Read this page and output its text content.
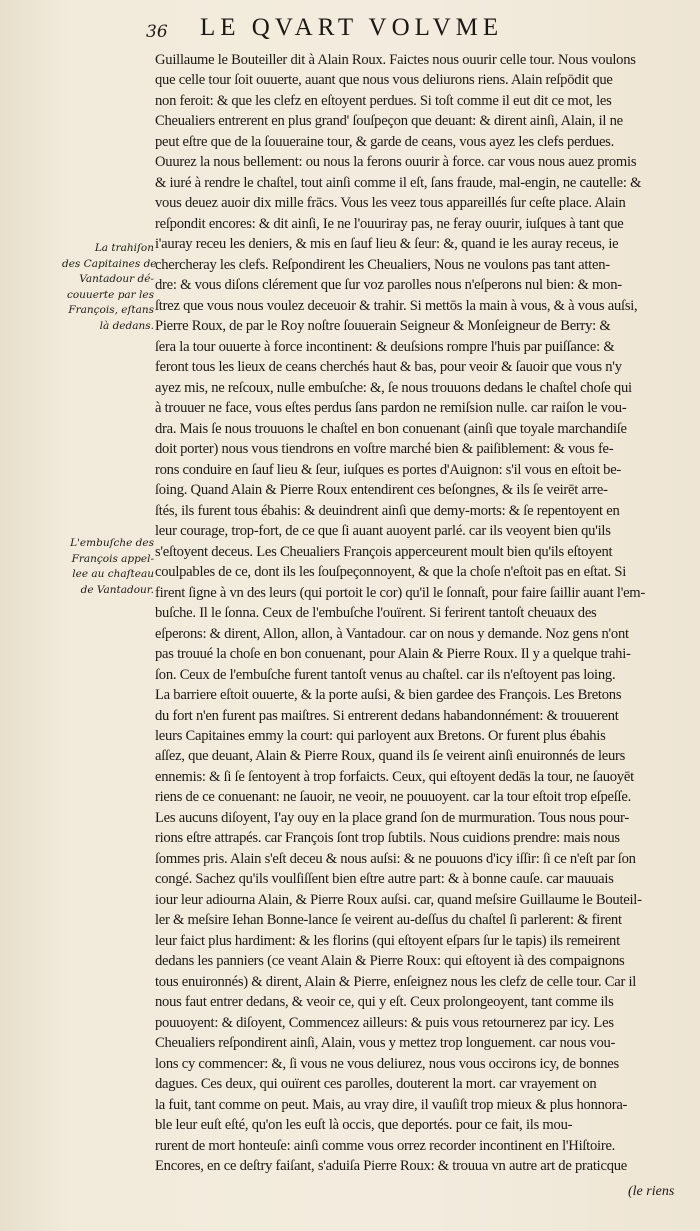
36 LE QVART VOLVME
La trahiſon
des Capitaines de
Vantadour dé-
couuerte par les
François, eſtans
là dedans.
L'embuſche des
François appel-
lee au chaſteau
de Vantadour.
Guillaume le Bouteiller dit à Alain Roux. Faictes nous ouurir celle tour. Nous voulons
que celle tour ſoit ouuerte, auant que nous vous deliurons riens. Alain reſpōdit que
non feroit: & que les clefz en eſtoyent perdues. Si toſt comme il eut dit ce mot, les
Cheualiers entrerent en plus grand' ſouſpeçon que deuant: & dirent ainſi, Alain, il ne
peut eſtre que de la ſouueraine tour, & garde de ceans, vous ayez les clefs perdues.
Ouurez la nous bellement: ou nous la ferons ouurir à force. car vous nous auez promis
& iuré à rendre le chaſtel, tout ainſi comme il eſt, ſans fraude, mal-engin, ne cautelle: &
vous deuez auoir dix mille frācs. Vous les veez tous appareillés ſur ceſte place. Alain
reſpondit encores: & dit ainſi, Ie ne l'ouuriray pas, ne feray ouurir, iuſques à tant que
i'auray receu les deniers, & mis en ſauf lieu & ſeur: &, quand ie les auray receus, ie
chercheray les clefs. Reſpondirent les Cheualiers, Nous ne voulons pas tant atten-
dre: & vous diſons clérement que ſur voz parolles nous n'eſperons nul bien: & mon-
ſtrez que vous nous voulez deceuoir & trahir. Si mettōs la main à vous, & à vous auſsi,
Pierre Roux, de par le Roy noſtre ſouuerain Seigneur & Monſeigneur de Berry: &
ſera la tour ouuerte à force incontinent: & deuſsions rompre l'huis par puiſſance: &
feront tous les lieux de ceans cherchés haut & bas, pour veoir & ſauoir que vous n'y
ayez mis, ne reſcoux, nulle embuſche: &, ſe nous trouuons dedans le chaſtel choſe qui
à trouuer ne face, vous eſtes perdus ſans pardon ne remiſsion nulle. car raiſon le vou-
dra. Mais ſe nous trouuons le chaſtel en bon conuenant (ainſi que toyale marchandiſe
doit porter) nous vous tiendrons en voſtre marché bien & paiſiblement: & vous fe-
rons conduire en ſauf lieu & ſeur, iuſques es portes d'Auignon: s'il vous en eſtoit be-
ſoing. Quand Alain & Pierre Roux entendirent ces beſongnes, & ils ſe veirēt arre-
ſtés, ils furent tous ébahis: & deuindrent ainſi que demy-morts: & ſe repentoyent en
leur courage, trop-fort, de ce que ſi auant auoyent parlé. car ils veoyent bien qu'ils
s'eſtoyent deceus. Les Cheualiers François apperceurent moult bien qu'ils eſtoyent
coulpables de ce, dont ils les ſouſpeçonnoyent, & que la choſe n'eſtoit pas en eſtat. Si
firent ſigne à vn des leurs (qui portoit le cor) qu'il le ſonnaſt, pour faire ſaillir auant l'em-
buſche. Il le ſonna. Ceux de l'embuſche l'ouïrent. Si ferirent tantoſt cheuaux des
eſperons: & dirent, Allon, allon, à Vantadour. car on nous y demande. Noz gens n'ont
pas trouué la choſe en bon conuenant, pour Alain & Pierre Roux. Il y a quelque trahi-
ſon. Ceux de l'embuſche furent tantoſt venus au chaſtel. car ils n'eſtoyent pas loing.
La barriere eſtoit ouuerte, & la porte auſsi, & bien gardee des François. Les Bretons
du fort n'en furent pas maiſtres. Si entrerent dedans habandonnément: & trouuerent
leurs Capitaines emmy la court: qui parloyent aux Bretons. Or furent plus ébahis
aſſez, que deuant, Alain & Pierre Roux, quand ils ſe veirent ainſi enuironnés de leurs
ennemis: & ſi ſe ſentoyent à trop forfaicts. Ceux, qui eſtoyent dedās la tour, ne ſauoyēt
riens de ce conuenant: ne ſauoir, ne veoir, ne pouuoyent. car la tour eſtoit trop eſpeſſe.
Les aucuns diſoyent, I'ay ouy en la place grand ſon de murmuration. Tous nous pour-
rions eſtre attrapés. car François ſont trop ſubtils. Nous cuidions prendre: mais nous
ſommes pris. Alain s'eſt deceu & nous auſsi: & ne pouuons d'icy iſſir: ſi ce n'eſt par ſon
congé. Sachez qu'ils voulſiſſent bien eſtre autre part: & à bonne cauſe. car mauuais
iour leur adiourna Alain, & Pierre Roux auſsi. car, quand meſsire Guillaume le Bouteil-
ler & meſsire Iehan Bonne-lance ſe veirent au-deſſus du chaſtel ſi parlerent: & firent
leur faict plus hardiment: & les florins (qui eſtoyent eſpars ſur le tapis) ils remeirent
dedans les panniers (ce veant Alain & Pierre Roux: qui eſtoyent ià des compaignons
tous enuironnés) & dirent, Alain & Pierre, enſeignez nous les clefz de celle tour. Car il
nous faut entrer dedans, & veoir ce, qui y eſt. Ceux prolongeoyent, tant comme ils
pouuoyent: & diſoyent, Commencez ailleurs: & puis vous retournerez par icy. Les
Cheualiers reſpondirent ainſi, Alain, vous y mettez trop longuement. car nous vou-
lons cy commencer: &, ſi vous ne vous deliurez, nous vous occirons icy, de bonnes
dagues. Ces deux, qui ouïrent ces parolles, douterent la mort. car vrayement on
la fuit, tant comme on peut. Mais, au vray dire, il vauſiſt trop mieux & plus honnora-
ble leur euſt eſté, qu'on les euſt là occis, que deportés. pour ce fait, ils mou-
rurent de mort honteuſe: ainſi comme vous orrez recorder incontinent en l'Hiſtoire.
Encores, en ce deſtry faiſant, s'aduiſa Pierre Roux: & trouua vn autre art de praticque
(le riens
